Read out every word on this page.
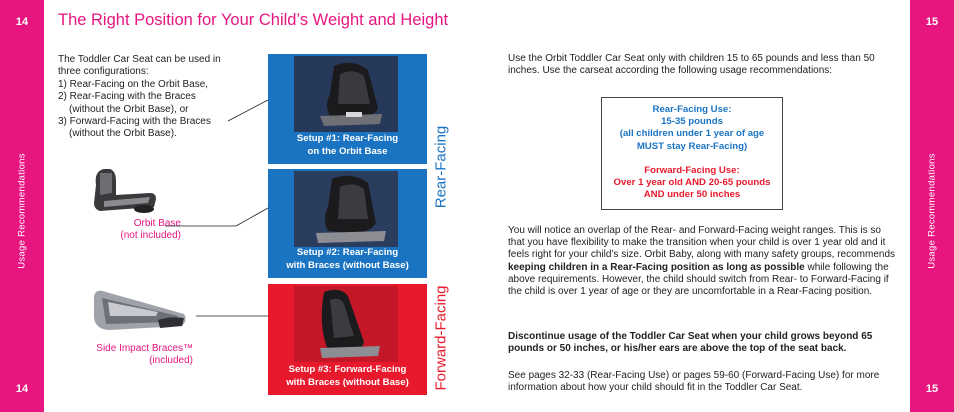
14
Usage Recommendations
14
15
Usage Recommendations
15
The Right Position for Your Child’s Weight and Height
The Toddler Car Seat can be used in
three configurations:
1) Rear-Facing on the Orbit Base,
2) Rear-Facing with the Braces
(without the Orbit Base), or
3) Forward-Facing with the Braces
(without the Orbit Base).
Orbit Base
(not included)
Side Impact Braces™
(included)
Setup #1: Rear-Facing
on the Orbit Base
Setup #2: Rear-Facing
with Braces (without Base)
Setup #3: Forward-Facing
with Braces (without Base)
Rear-Facing
Forward-Facing

Use the Orbit Toddler Car Seat only with children 15 to 65 pounds and less than 50 inches. Use the carseat according the following usage recommendations:

Rear-Facing Use:
15-35 pounds
(all children under 1 year of age
MUST stay Rear-Facing)
Forward-Facing Use:
Over 1 year old AND 20-65 pounds
AND under 50 inches

You will notice an overlap of the Rear- and Forward-Facing weight ranges. This is so that you have flexibility to make the transition when your child is over 1 year old and it feels right for your child’s size. Orbit Baby, along with many safety groups, recommends keeping children in a Rear-Facing position as long as possible while following the above requirements. However, the child should switch from Rear- to Forward-Facing if the child is over 1 year of age or they are uncomfortable in a Rear-Facing position.

Discontinue usage of the Toddler Car Seat when your child grows beyond 65 pounds or 50 inches, or his/her ears are above the top of the seat back.

See pages 32-33 (Rear-Facing Use) or pages 59-60 (Forward-Facing Use) for more information about how your child should fit in the Toddler Car Seat.
